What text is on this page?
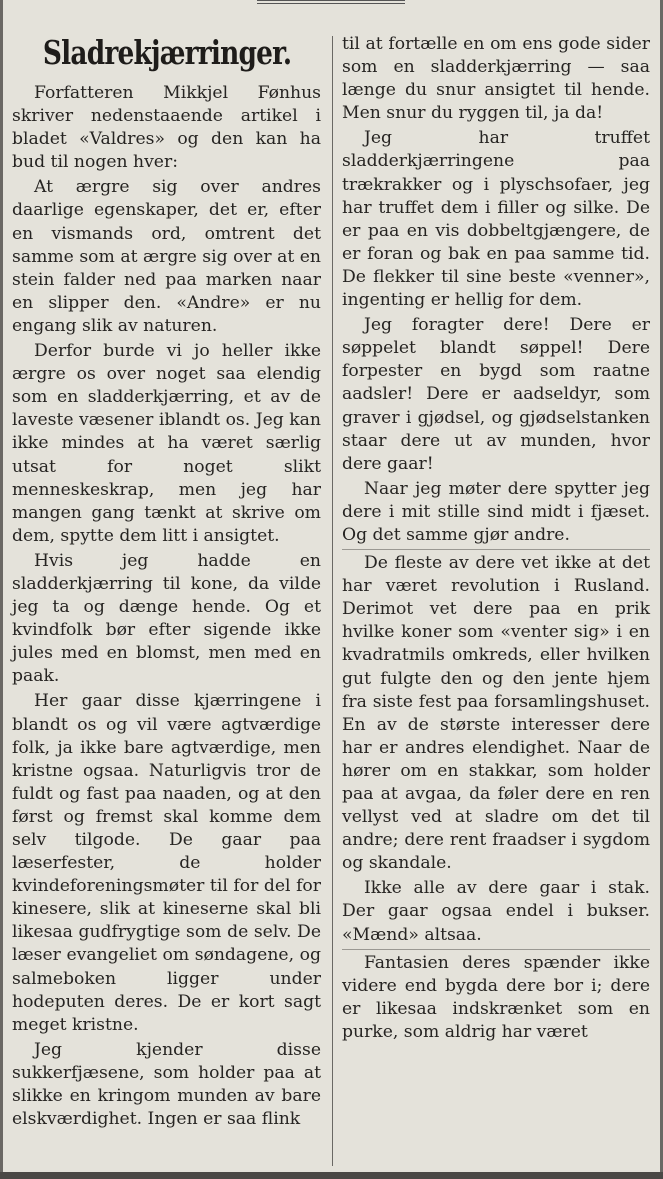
Sladrekjærringer.

Forfatteren Mikkjel Fønhus skriver nedenstaaende artikel i bladet «Valdres» og den kan ha bud til nogen hver:

At ærgre sig over andres daarlige egenskaper, det er, efter en vismands ord, omtrent det samme som at ærgre sig over at en stein falder ned paa marken naar en slipper den. «Andre» er nu engang slik av naturen.

Derfor burde vi jo heller ikke ærgre os over noget saa elendig som en sladderkjærring, et av de laveste væsener iblandt os. Jeg kan ikke mindes at ha været særlig utsat for noget slikt menneskeskrap, men jeg har mangen gang tænkt at skrive om dem, spytte dem litt i ansigtet.

Hvis jeg hadde en sladderkjærring til kone, da vilde jeg ta og dænge hende. Og et kvindfolk bør efter sigende ikke jules med en blomst, men med en paak.

Her gaar disse kjærringene i blandt os og vil være agtværdige folk, ja ikke bare agtværdige, men kristne ogsaa. Naturligvis tror de fuldt og fast paa naaden, og at den først og fremst skal komme dem selv tilgode. De gaar paa læserfester, de holder kvindeforeningsmøter til for del for kinesere, slik at kineserne skal bli likesaa gudfrygtige som de selv. De læser evangeliet om søndagene, og salmeboken ligger under hodeputen deres. De er kort sagt meget kristne.

Jeg kjender disse sukkerfjæsene, som holder paa at slikke en kringom munden av bare elskværdighet. Ingen er saa flink

til at fortælle en om ens gode sider som en sladderkjærring — saa længe du snur ansigtet til hende. Men snur du ryggen til, ja da!

Jeg har truffet sladderkjærringene paa trækrakker og i plyschsofaer, jeg har truffet dem i filler og silke. De er paa en vis dobbeltgjængere, de er foran og bak en paa samme tid. De flekker til sine beste «venner», ingenting er hellig for dem.

Jeg foragter dere! Dere er søppelet blandt søppel! Dere forpester en bygd som raatne aadsler! Dere er aadseldyr, som graver i gjødsel, og gjødselstanken staar dere ut av munden, hvor dere gaar!

Naar jeg møter dere spytter jeg dere i mit stille sind midt i fjæset. Og det samme gjør andre.

De fleste av dere vet ikke at det har været revolution i Rusland. Derimot vet dere paa en prik hvilke koner som «venter sig» i en kvadratmils omkreds, eller hvilken gut fulgte den og den jente hjem fra siste fest paa forsamlingshuset. En av de største interesser dere har er andres elendighet. Naar de hører om en stakkar, som holder paa at avgaa, da føler dere en ren vellyst ved at sladre om det til andre; dere rent fraadser i sygdom og skandale.

Ikke alle av dere gaar i stak. Der gaar ogsaa endel i bukser. «Mænd» altsaa.

Fantasien deres spænder ikke videre end bygda dere bor i; dere er likesaa indskrænket som en purke, som aldrig har været
